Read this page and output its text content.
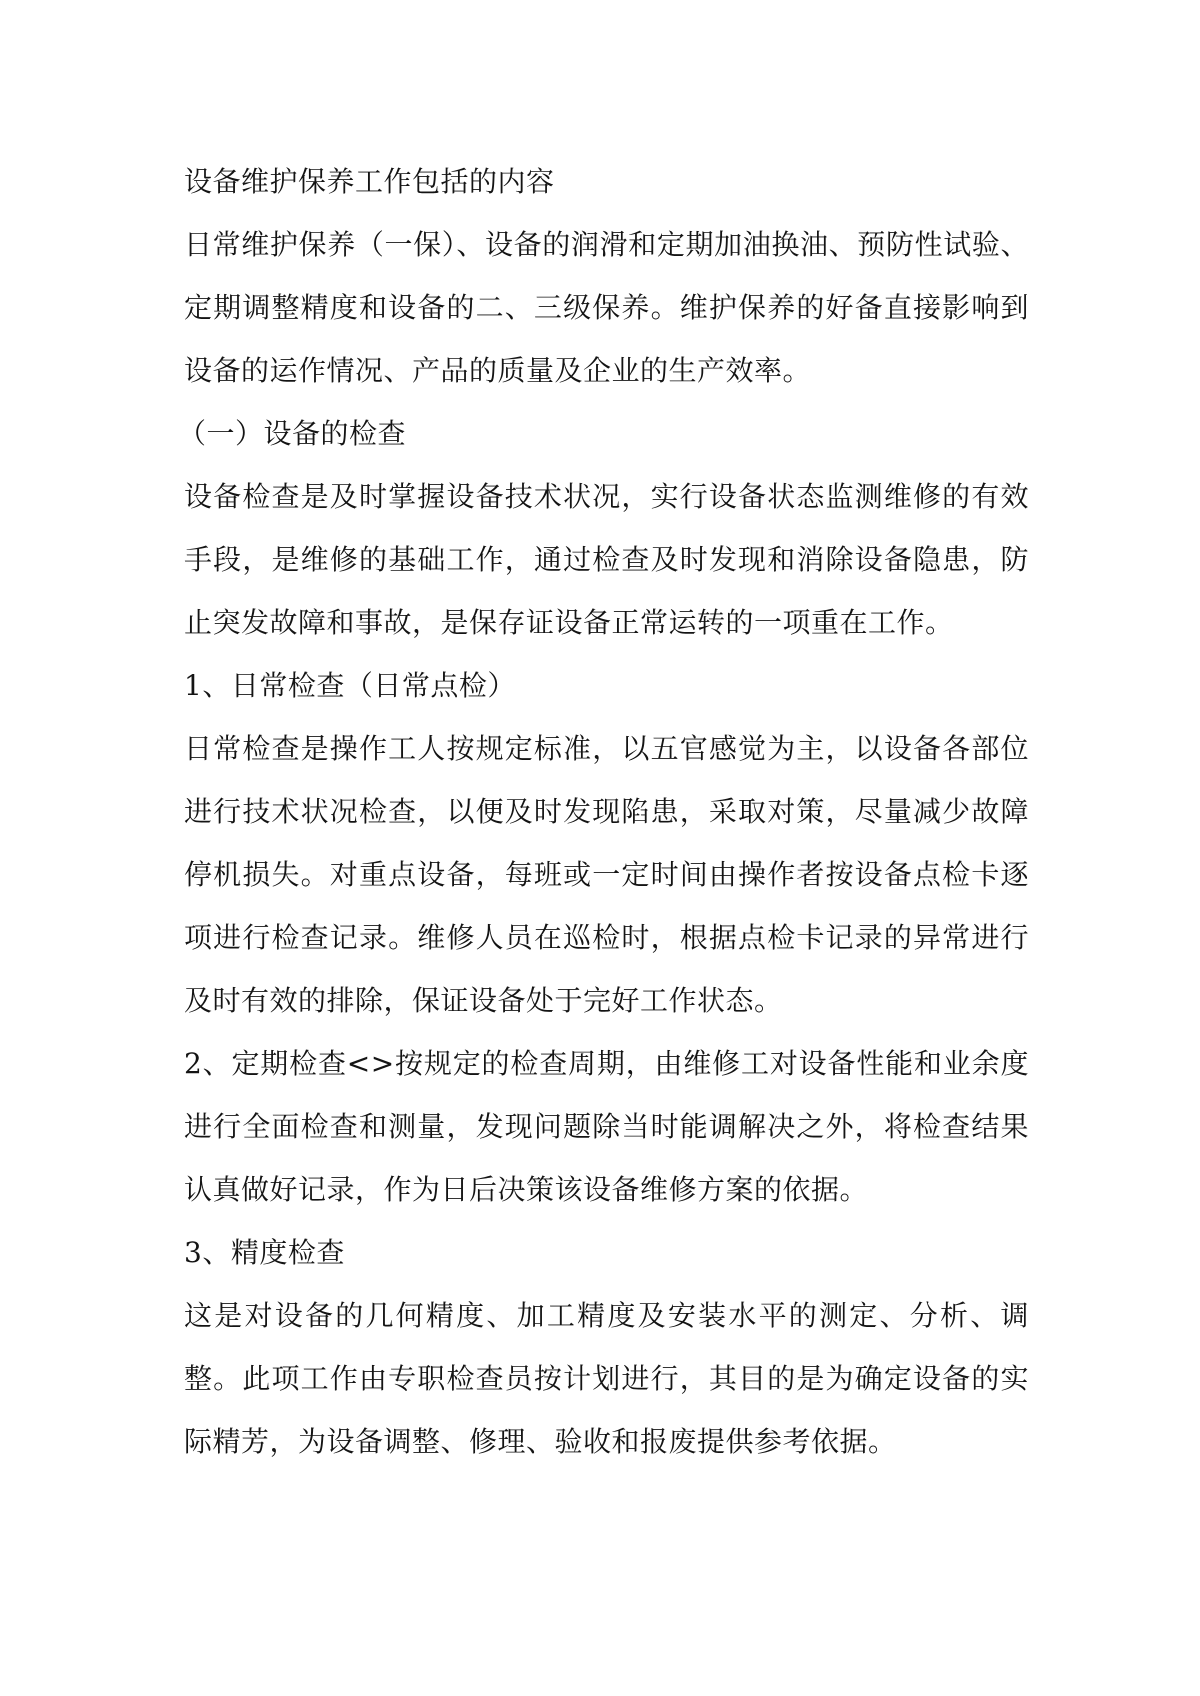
设备维护保养工作包括的内容

日常维护保养（一保）、设备的润滑和定期加油换油、预防性试验、定期调整精度和设备的二、三级保养。维护保养的好备直接影响到设备的运作情况、产品的质量及企业的生产效率。

（一）设备的检查

设备检查是及时掌握设备技术状况，实行设备状态监测维修的有效手段，是维修的基础工作，通过检查及时发现和消除设备隐患，防止突发故障和事故，是保存证设备正常运转的一项重在工作。

1、日常检查（日常点检）

日常检查是操作工人按规定标准，以五官感觉为主，以设备各部位进行技术状况检查，以便及时发现陷患，采取对策，尽量减少故障停机损失。对重点设备，每班或一定时间由操作者按设备点检卡逐项进行检查记录。维修人员在巡检时，根据点检卡记录的异常进行及时有效的排除，保证设备处于完好工作状态。

2、定期检查<>按规定的检查周期，由维修工对设备性能和业余度进行全面检查和测量，发现问题除当时能调解决之外，将检查结果认真做好记录，作为日后决策该设备维修方案的依据。

3、精度检查

这是对设备的几何精度、加工精度及安装水平的测定、分析、调整。此项工作由专职检查员按计划进行，其目的是为确定设备的实际精芳，为设备调整、修理、验收和报废提供参考依据。
